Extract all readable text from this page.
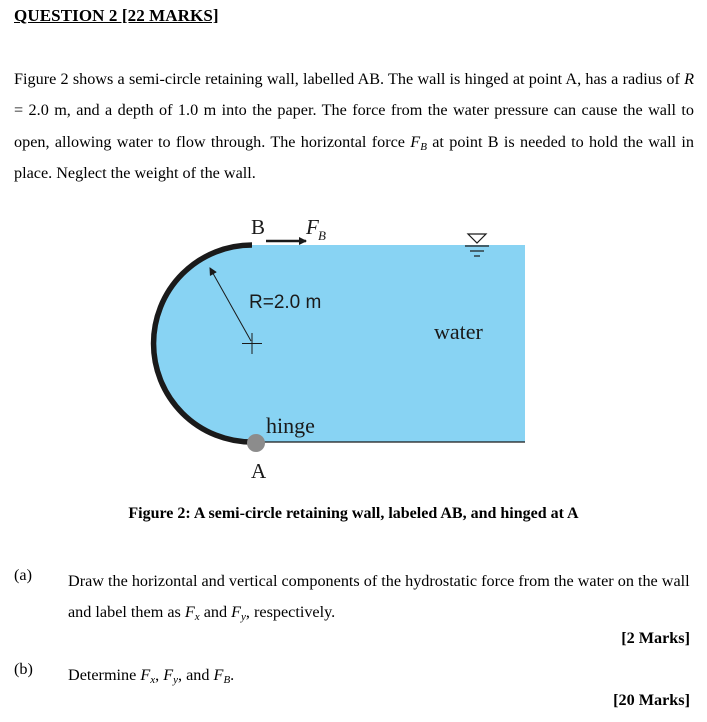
QUESTION 2 [22 MARKS]

Figure 2 shows a semi-circle retaining wall, labelled AB. The wall is hinged at point A, has a radius of R = 2.0 m, and a depth of 1.0 m into the paper. The force from the water pressure can cause the wall to open, allowing water to flow through. The horizontal force $F_B$ at point B is needed to hold the wall in place. Neglect the weight of the wall.

B F B
R=2.0 m
water
hinge
A

Figure 2: A semi-circle retaining wall, labeled AB, and hinged at A

(a) Draw the horizontal and vertical components of the hydrostatic force from the water on the wall and label them as $F_x$ and $F_y$, respectively.
[2 Marks]
(b) Determine $F_x$, $F_y$, and $F_B$.
[20 Marks]
